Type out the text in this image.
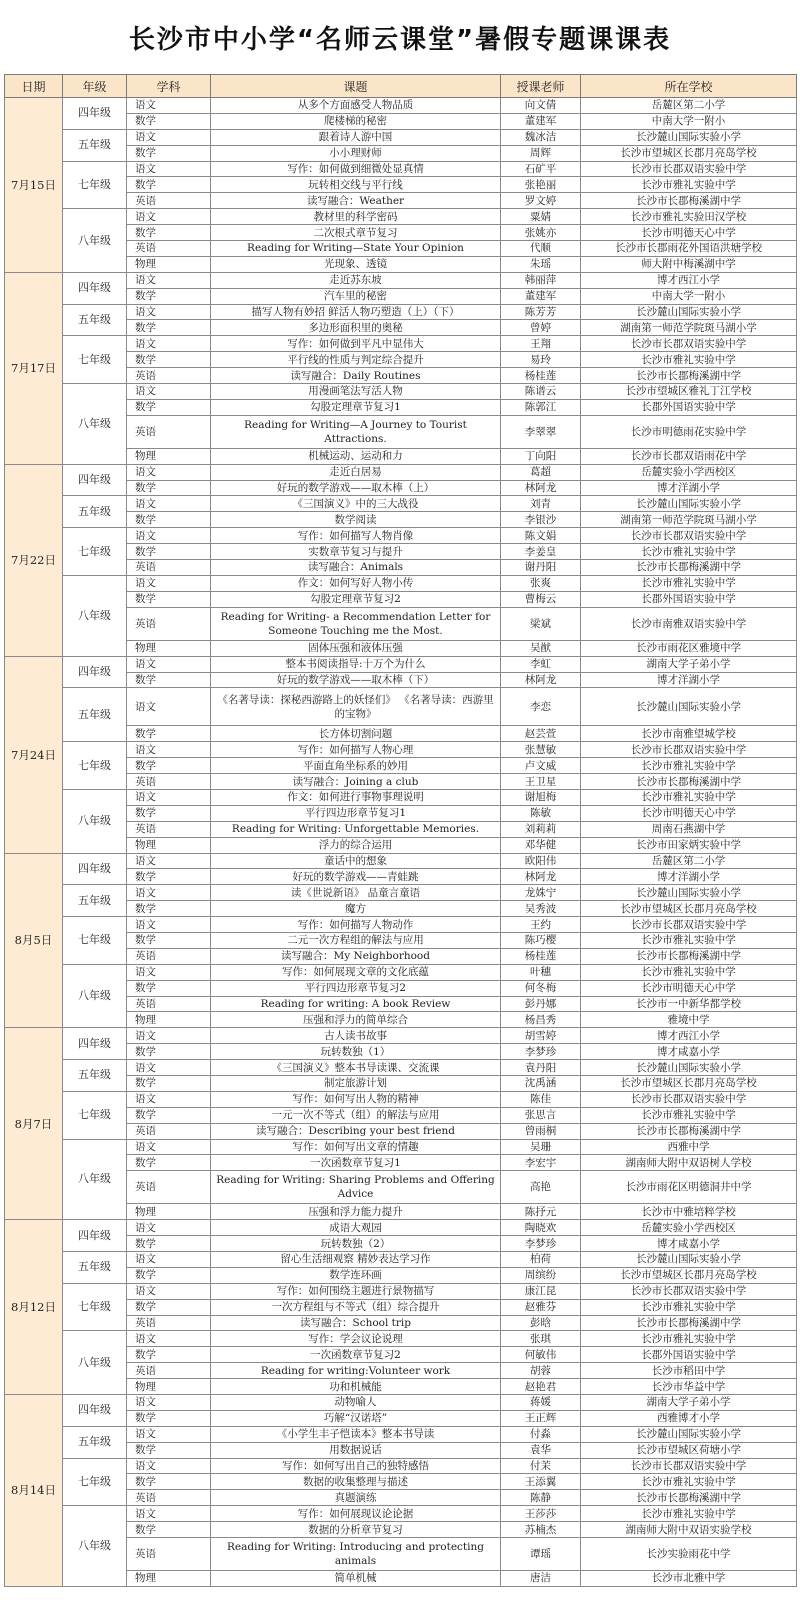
长沙市中小学“名师云课堂”暑假专题课课表
日期	年级	学科	课题	授课老师	所在学校
7月15日	四年级	语文	从多个方面感受人物品质	向文倩	岳麓区第二小学
		数学	爬楼梯的秘密	董建军	中南大学一附小
	五年级	语文	跟着诗人游中国	魏冰洁	长沙麓山国际实验小学
		数学	小小理财师	周辉	长沙市望城区长郡月亮岛学校
	七年级	语文	写作：如何做到细微处显真情	石矿平	长沙市长郡双语实验中学
		数学	玩转相交线与平行线	张艳丽	长沙市雅礼实验中学
		英语	读写融合：Weather	罗文婷	长沙市长郡梅溪湖中学
	八年级	语文	教材里的科学密码	粟婧	长沙市雅礼实验田汉学校
		数学	二次根式章节复习	张姚亦	长沙市明德天心中学
		英语	Reading for Writing—State Your Opinion	代顺	长沙市长郡雨花外国语洪塘学校
		物理	光现象、透镜	朱瑶	师大附中梅溪湖中学
7月17日	四年级	语文	走近苏东坡	韩丽萍	博才西江小学
		数学	汽车里的秘密	董建军	中南大学一附小
	五年级	语文	描写人物有妙招 鲜活人物巧塑造（上）（下）	陈芳芳	长沙麓山国际实验小学
		数学	多边形面积里的奥秘	曾婷	湖南第一师范学院斑马湖小学
	七年级	语文	写作：如何做到平凡中显伟大	王翔	长沙市长郡双语实验中学
		数学	平行线的性质与判定综合提升	易玲	长沙市雅礼实验中学
		英语	读写融合：Daily Routines	杨桂莲	长沙市长郡梅溪湖中学
	八年级	语文	用漫画笔法写活人物	陈谱云	长沙市望城区雅礼丁江学校
		数学	勾股定理章节复习1	陈郭江	长郡外国语实验中学
		英语	Reading for Writing—A Journey to Tourist Attractions.	李翠翠	长沙市明德雨花实验中学
		物理	机械运动、运动和力	丁向阳	长沙市长郡双语雨花中学
7月22日	四年级	语文	走近白居易	葛超	岳麓实验小学西校区
		数学	好玩的数学游戏——取木棒（上）	林阿龙	博才洋湖小学
	五年级	语文	《三国演义》中的三大战役	刘青	长沙麓山国际实验小学
		数学	数学阅读	李银沙	湖南第一师范学院斑马湖小学
	七年级	语文	写作：如何描写人物肖像	陈文娟	长沙市长郡双语实验中学
		数学	实数章节复习与提升	李姜皇	长沙市雅礼实验中学
		英语	读写融合：Animals	谢丹阳	长沙市长郡梅溪湖中学
	八年级	语文	作文：如何写好人物小传	张爽	长沙市雅礼实验中学
		数学	勾股定理章节复习2	曹梅云	长郡外国语实验中学
		英语	Reading for Writing- a Recommendation Letter for Someone Touching me the Most.	梁斌	长沙市南雅双语实验中学
		物理	固体压强和液体压强	吴猷	长沙市雨花区雅境中学
7月24日	四年级	语文	整本书阅读指导:十万个为什么	李虹	湖南大学子弟小学
		数学	好玩的数学游戏——取木棒（下）	林阿龙	博才洋湖小学
	五年级	语文	《名著导读：探秘西游路上的妖怪们》 《名著导读：西游里的宝物》	李恋	长沙麓山国际实验小学
		数学	长方体切割问题	赵芸萱	长沙市南雅望城学校
	七年级	语文	写作：如何描写人物心理	张慧敏	长沙市长郡双语实验中学
		数学	平面直角坐标系的妙用	卢文威	长沙市雅礼实验中学
		英语	读写融合：Joining a club	王卫星	长沙市长郡梅溪湖中学
	八年级	语文	作文：如何进行事物事理说明	谢旭梅	长沙市雅礼实验中学
		数学	平行四边形章节复习1	陈敏	长沙市明德天心中学
		英语	Reading for Writing: Unforgettable Memories.	刘莉莉	周南石燕湖中学
		物理	浮力的综合运用	邓华健	长沙市田家炳实验中学
8月5日	四年级	语文	童话中的想象	欧阳伟	岳麓区第二小学
		数学	好玩的数学游戏——青蛙跳	林阿龙	博才洋湖小学
	五年级	语文	读《世说新语》 品童言童语	龙姝宁	长沙麓山国际实验小学
		数学	魔方	吴秀波	长沙市望城区长郡月亮岛学校
	七年级	语文	写作：如何描写人物动作	王约	长沙市长郡双语实验中学
		数学	二元一次方程组的解法与应用	陈巧樱	长沙市雅礼实验中学
		英语	读写融合：My Neighborhood	杨桂莲	长沙市长郡梅溪湖中学
	八年级	语文	写作：如何展现文章的文化底蕴	叶穗	长沙市雅礼实验中学
		数学	平行四边形章节复习2	何冬梅	长沙市明德天心中学
		英语	Reading for writing: A book Review	彭丹娜	长沙市一中新华都学校
		物理	压强和浮力的简单综合	杨昌秀	雅境中学
8月7日	四年级	语文	古人读书故事	胡雪婷	博才西江小学
		数学	玩转数独（1）	李梦珍	博才咸嘉小学
	五年级	语文	《三国演义》整本书导读课、交流课	袁丹阳	长沙麓山国际实验小学
		数学	制定旅游计划	沈禹涵	长沙市望城区长郡月亮岛学校
	七年级	语文	写作：如何写出人物的精神	陈佳	长沙市长郡双语实验中学
		数学	一元一次不等式（组）的解法与应用	张思言	长沙市雅礼实验中学
		英语	读写融合：Describing your best friend	曾雨桐	长沙市长郡梅溪湖中学
	八年级	语文	写作：如何写出文章的情趣	吴珊	西雅中学
		数学	一次函数章节复习1	李宏宇	湖南师大附中双语树人学校
		英语	Reading for Writing: Sharing Problems and Offering Advice	高艳	长沙市雨花区明德洞井中学
		物理	压强和浮力能力提升	陈抒元	长沙市中雅培粹学校
8月12日	四年级	语文	成语大观园	陶晓欢	岳麓实验小学西校区
		数学	玩转数独（2）	李梦珍	博才咸嘉小学
	五年级	语文	留心生活细观察 精妙表达学习作	柏荷	长沙麓山国际实验小学
		数学	数学连环画	周缤纷	长沙市望城区长郡月亮岛学校
	七年级	语文	写作：如何围绕主题进行景物描写	康江昆	长沙市长郡双语实验中学
		数学	一次方程组与不等式（组）综合提升	赵雅芬	长沙市雅礼实验中学
		英语	读写融合：School trip	彭晗	长沙市长郡梅溪湖中学
	八年级	语文	写作：学会议论说理	张琪	长沙市雅礼实验中学
		数学	一次函数章节复习2	何敏伟	长郡外国语实验中学
		英语	Reading for writing:Volunteer work	胡蓉	长沙市稻田中学
		物理	功和机械能	赵艳君	长沙市华益中学
8月14日	四年级	语文	动物喻人	蒋媛	湖南大学子弟小学
		数学	巧解“汉诺塔”	王正辉	西雅博才小学
	五年级	语文	《小学生丰子恺读本》整本书导读	付淼	长沙麓山国际实验小学
		数学	用数据说话	袁华	长沙市望城区荷塘小学
	七年级	语文	写作：如何写出自己的独特感悟	付茉	长沙市长郡双语实验中学
		数学	数据的收集整理与描述	王添翼	长沙市雅礼实验中学
		英语	真题演练	陈静	长沙市长郡梅溪湖中学
	八年级	语文	写作：如何展现议论论据	王莎莎	长沙市雅礼实验中学
		数学	数据的分析章节复习	苏楠杰	湖南师大附中双语实验学校
		英语	Reading for Writing: Introducing and protecting animals	谭瑶	长沙实验雨花中学
		物理	简单机械	唐洁	长沙市北雅中学
